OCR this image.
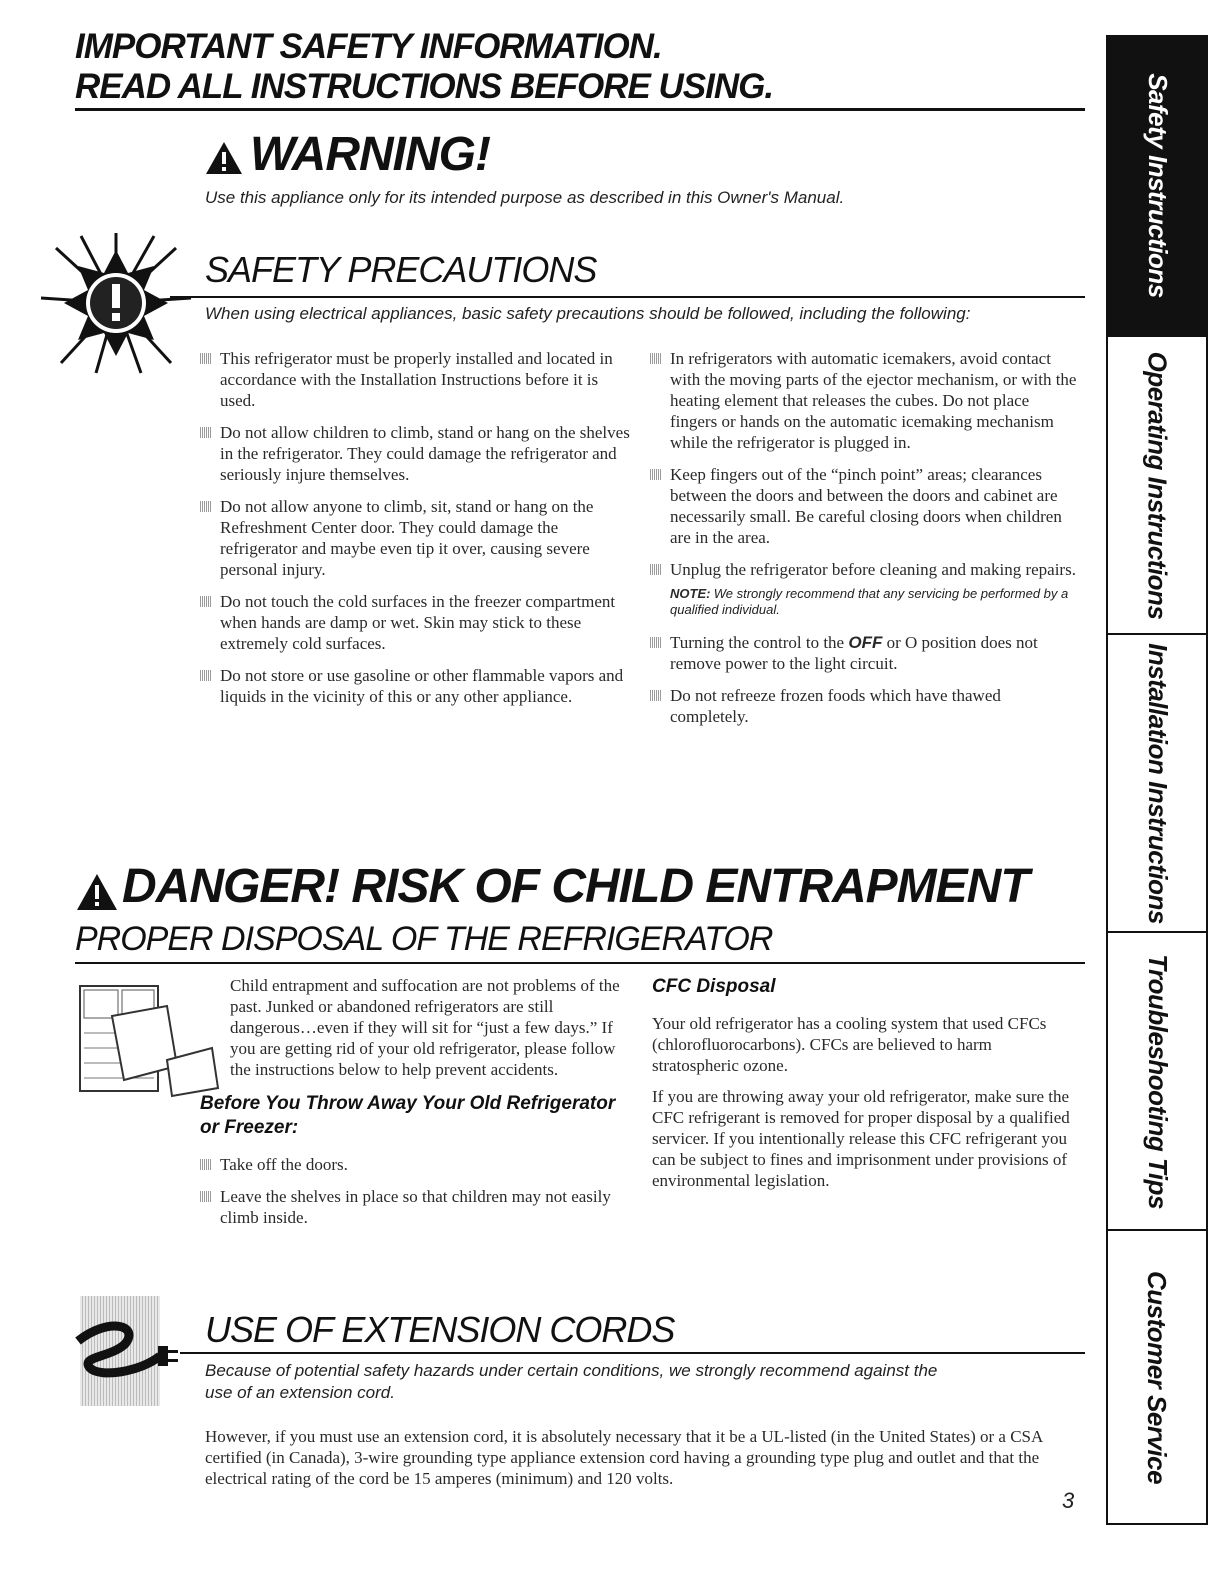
IMPORTANT SAFETY INFORMATION.
READ ALL INSTRUCTIONS BEFORE USING.
WARNING!
Use this appliance only for its intended purpose as described in this Owner's Manual.
SAFETY PRECAUTIONS
When using electrical appliances, basic safety precautions should be followed, including the following:
This refrigerator must be properly installed and located in accordance with the Installation Instructions before it is used.
Do not allow children to climb, stand or hang on the shelves in the refrigerator. They could damage the refrigerator and seriously injure themselves.
Do not allow anyone to climb, sit, stand or hang on the Refreshment Center door. They could damage the refrigerator and maybe even tip it over, causing severe personal injury.
Do not touch the cold surfaces in the freezer compartment when hands are damp or wet. Skin may stick to these extremely cold surfaces.
Do not store or use gasoline or other flammable vapors and liquids in the vicinity of this or any other appliance.
In refrigerators with automatic icemakers, avoid contact with the moving parts of the ejector mechanism, or with the heating element that releases the cubes. Do not place fingers or hands on the automatic icemaking mechanism while the refrigerator is plugged in.
Keep fingers out of the “pinch point” areas; clearances between the doors and between the doors and cabinet are necessarily small. Be careful closing doors when children are in the area.
Unplug the refrigerator before cleaning and making repairs.
NOTE: We strongly recommend that any servicing be performed by a qualified individual.
Turning the control to the OFF or O position does not remove power to the light circuit.
Do not refreeze frozen foods which have thawed completely.
DANGER! RISK OF CHILD ENTRAPMENT
PROPER DISPOSAL OF THE REFRIGERATOR
Child entrapment and suffocation are not problems of the past. Junked or abandoned refrigerators are still dangerous…even if they will sit for “just a few days.” If you are getting rid of your old refrigerator, please follow the instructions below to help prevent accidents.
Before You Throw Away Your Old Refrigerator or Freezer:
Take off the doors.
Leave the shelves in place so that children may not easily climb inside.
CFC Disposal
Your old refrigerator has a cooling system that used CFCs (chlorofluorocarbons). CFCs are believed to harm stratospheric ozone.
If you are throwing away your old refrigerator, make sure the CFC refrigerant is removed for proper disposal by a qualified servicer. If you intentionally release this CFC refrigerant you can be subject to fines and imprisonment under provisions of environmental legislation.
USE OF EXTENSION CORDS
Because of potential safety hazards under certain conditions, we strongly recommend against the use of an extension cord.
However, if you must use an extension cord, it is absolutely necessary that it be a UL-listed (in the United States) or a CSA certified (in Canada), 3-wire grounding type appliance extension cord having a grounding type plug and outlet and that the electrical rating of the cord be 15 amperes (minimum) and 120 volts.
3
Safety Instructions
Operating Instructions
Installation Instructions
Troubleshooting Tips
Customer Service
